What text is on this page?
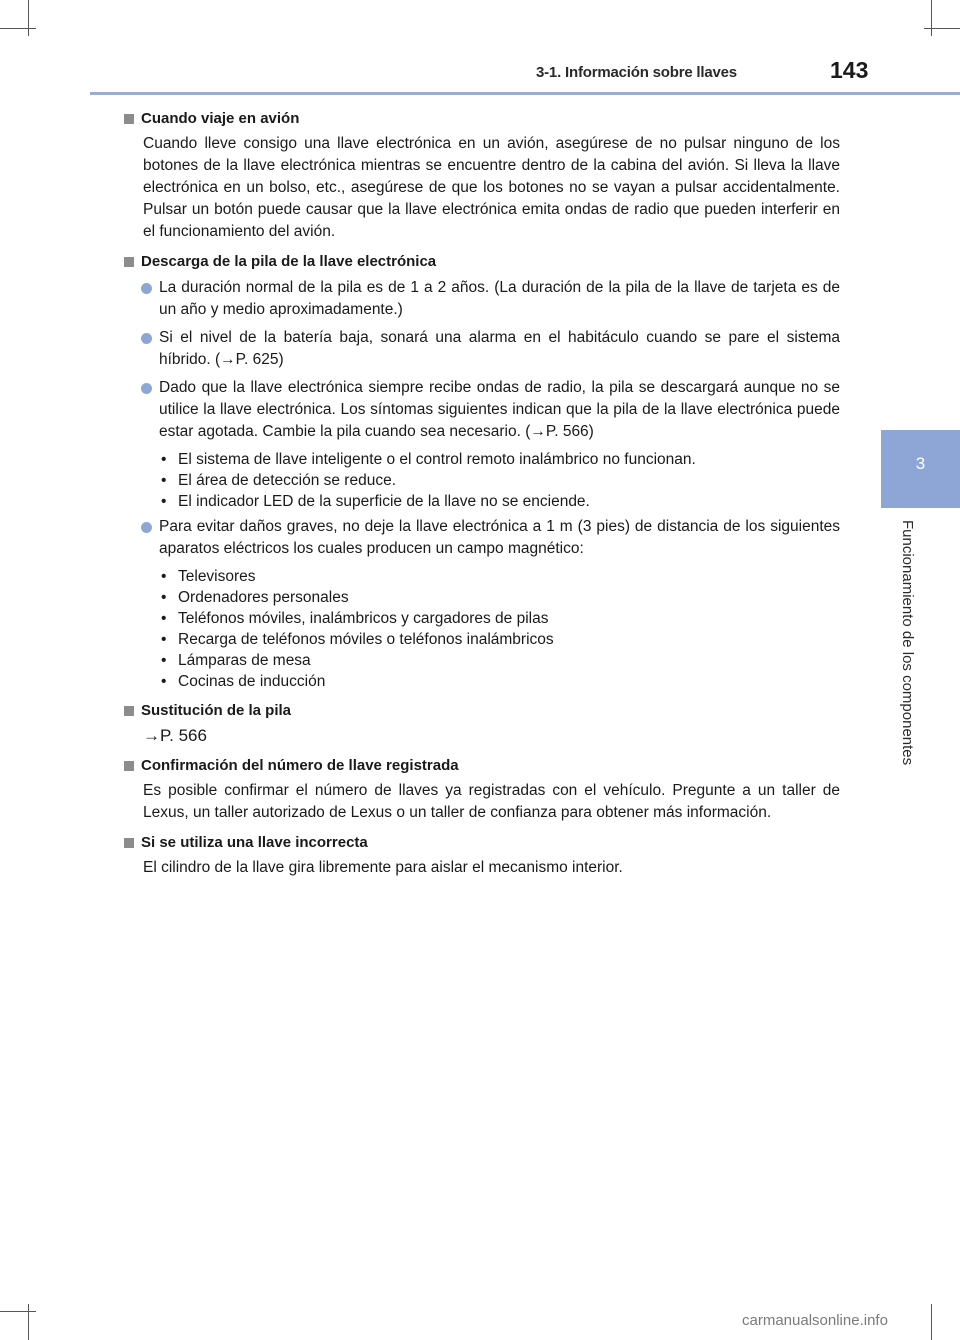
3-1. Información sobre llaves	143
3
Funcionamiento de los componentes
Cuando viaje en avión
Cuando lleve consigo una llave electrónica en un avión, asegúrese de no pulsar ninguno de los botones de la llave electrónica mientras se encuentre dentro de la cabina del avión. Si lleva la llave electrónica en un bolso, etc., asegúrese de que los botones no se vayan a pulsar accidentalmente. Pulsar un botón puede causar que la llave electrónica emita ondas de radio que pueden interferir en el funcionamiento del avión.
Descarga de la pila de la llave electrónica
La duración normal de la pila es de 1 a 2 años. (La duración de la pila de la llave de tarjeta es de un año y medio aproximadamente.)
Si el nivel de la batería baja, sonará una alarma en el habitáculo cuando se pare el sistema híbrido. (→P. 625)
Dado que la llave electrónica siempre recibe ondas de radio, la pila se descargará aunque no se utilice la llave electrónica. Los síntomas siguientes indican que la pila de la llave electrónica puede estar agotada. Cambie la pila cuando sea necesario. (→P. 566)
• El sistema de llave inteligente o el control remoto inalámbrico no funcionan.
• El área de detección se reduce.
• El indicador LED de la superficie de la llave no se enciende.
Para evitar daños graves, no deje la llave electrónica a 1 m (3 pies) de distancia de los siguientes aparatos eléctricos los cuales producen un campo magnético:
• Televisores
• Ordenadores personales
• Teléfonos móviles, inalámbricos y cargadores de pilas
• Recarga de teléfonos móviles o teléfonos inalámbricos
• Lámparas de mesa
• Cocinas de inducción
Sustitución de la pila
→P. 566
Confirmación del número de llave registrada
Es posible confirmar el número de llaves ya registradas con el vehículo. Pregunte a un taller de Lexus, un taller autorizado de Lexus o un taller de confianza para obtener más información.
Si se utiliza una llave incorrecta
El cilindro de la llave gira libremente para aislar el mecanismo interior.
carmanualsonline.info
